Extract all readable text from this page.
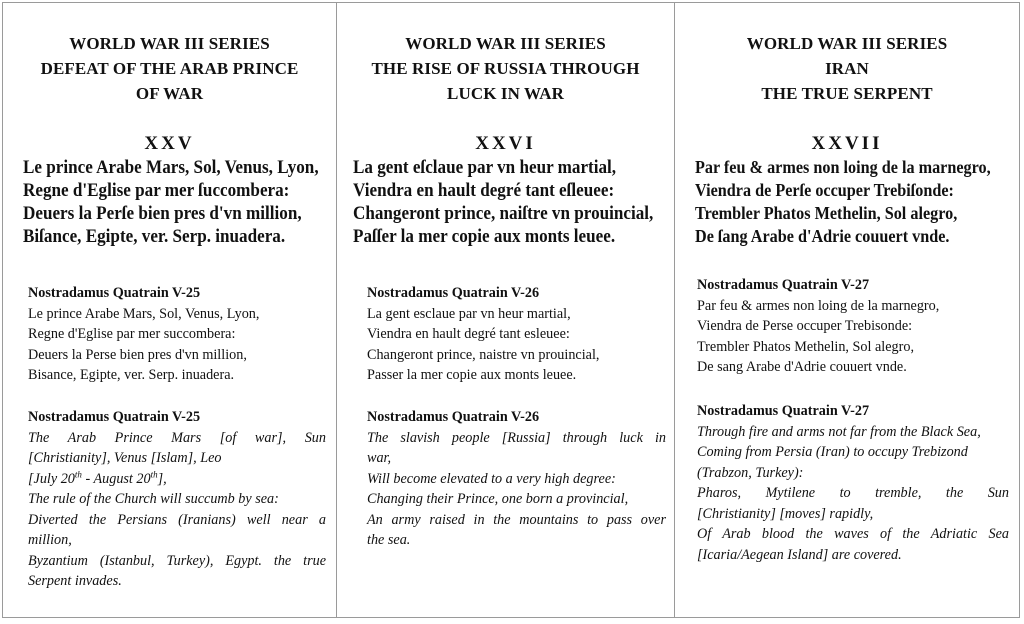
WORLD WAR III SERIES
DEFEAT OF THE ARAB PRINCE
OF WAR
XXV
Le prince Arabe Mars, Sol, Venus, Lyon,
Regne d'Eglise par mer ſuccombera:
Deuers la Perſe bien pres d'vn million,
Biſance, Egipte, ver. Serp. inuadera.
Nostradamus Quatrain V-25
Le prince Arabe Mars, Sol, Venus, Lyon,
Regne d'Eglise par mer succombera:
Deuers la Perse bien pres d'vn million,
Bisance, Egipte, ver. Serp. inuadera.
Nostradamus Quatrain V-25
The Arab Prince Mars [of war], Sun
[Christianity], Venus [Islam], Leo
[July 20th - August 20th],
The rule of the Church will succumb by sea:
Diverted the Persians (Iranians) well near a
million,
Byzantium (Istanbul, Turkey), Egypt. the true
Serpent invades.
WORLD WAR III SERIES
THE RISE OF RUSSIA THROUGH
LUCK IN WAR
XXVI
La gent eſclaue par vn heur martial,
Viendra en hault degré tant eſleuee:
Changeront prince, naiſtre vn prouincial,
Paſſer la mer copie aux monts leuee.
Nostradamus Quatrain V-26
La gent esclaue par vn heur martial,
Viendra en hault degré tant esleuee:
Changeront prince, naistre vn prouincial,
Passer la mer copie aux monts leuee.
Nostradamus Quatrain V-26
The slavish people [Russia] through luck in
war,
Will become elevated to a very high degree:
Changing their Prince, one born a provincial,
An army raised in the mountains to pass over
the sea.
WORLD WAR III SERIES
IRAN
THE TRUE SERPENT
XXVII
Par feu & armes non loing de la marnegro,
Viendra de Perſe occuper Trebiſonde:
Trembler Phatos Methelin, Sol alegro,
De ſang Arabe d'Adrie couuert vnde.
Nostradamus Quatrain V-27
Par feu & armes non loing de la marnegro,
Viendra de Perse occuper Trebisonde:
Trembler Phatos Methelin, Sol alegro,
De sang Arabe d'Adrie couuert vnde.
Nostradamus Quatrain V-27
Through fire and arms not far from the Black Sea,
Coming from Persia (Iran) to occupy Trebizond
(Trabzon, Turkey):
Pharos, Mytilene to tremble, the Sun
[Christianity] [moves] rapidly,
Of Arab blood the waves of the Adriatic Sea
[Icaria/Aegean Island] are covered.
